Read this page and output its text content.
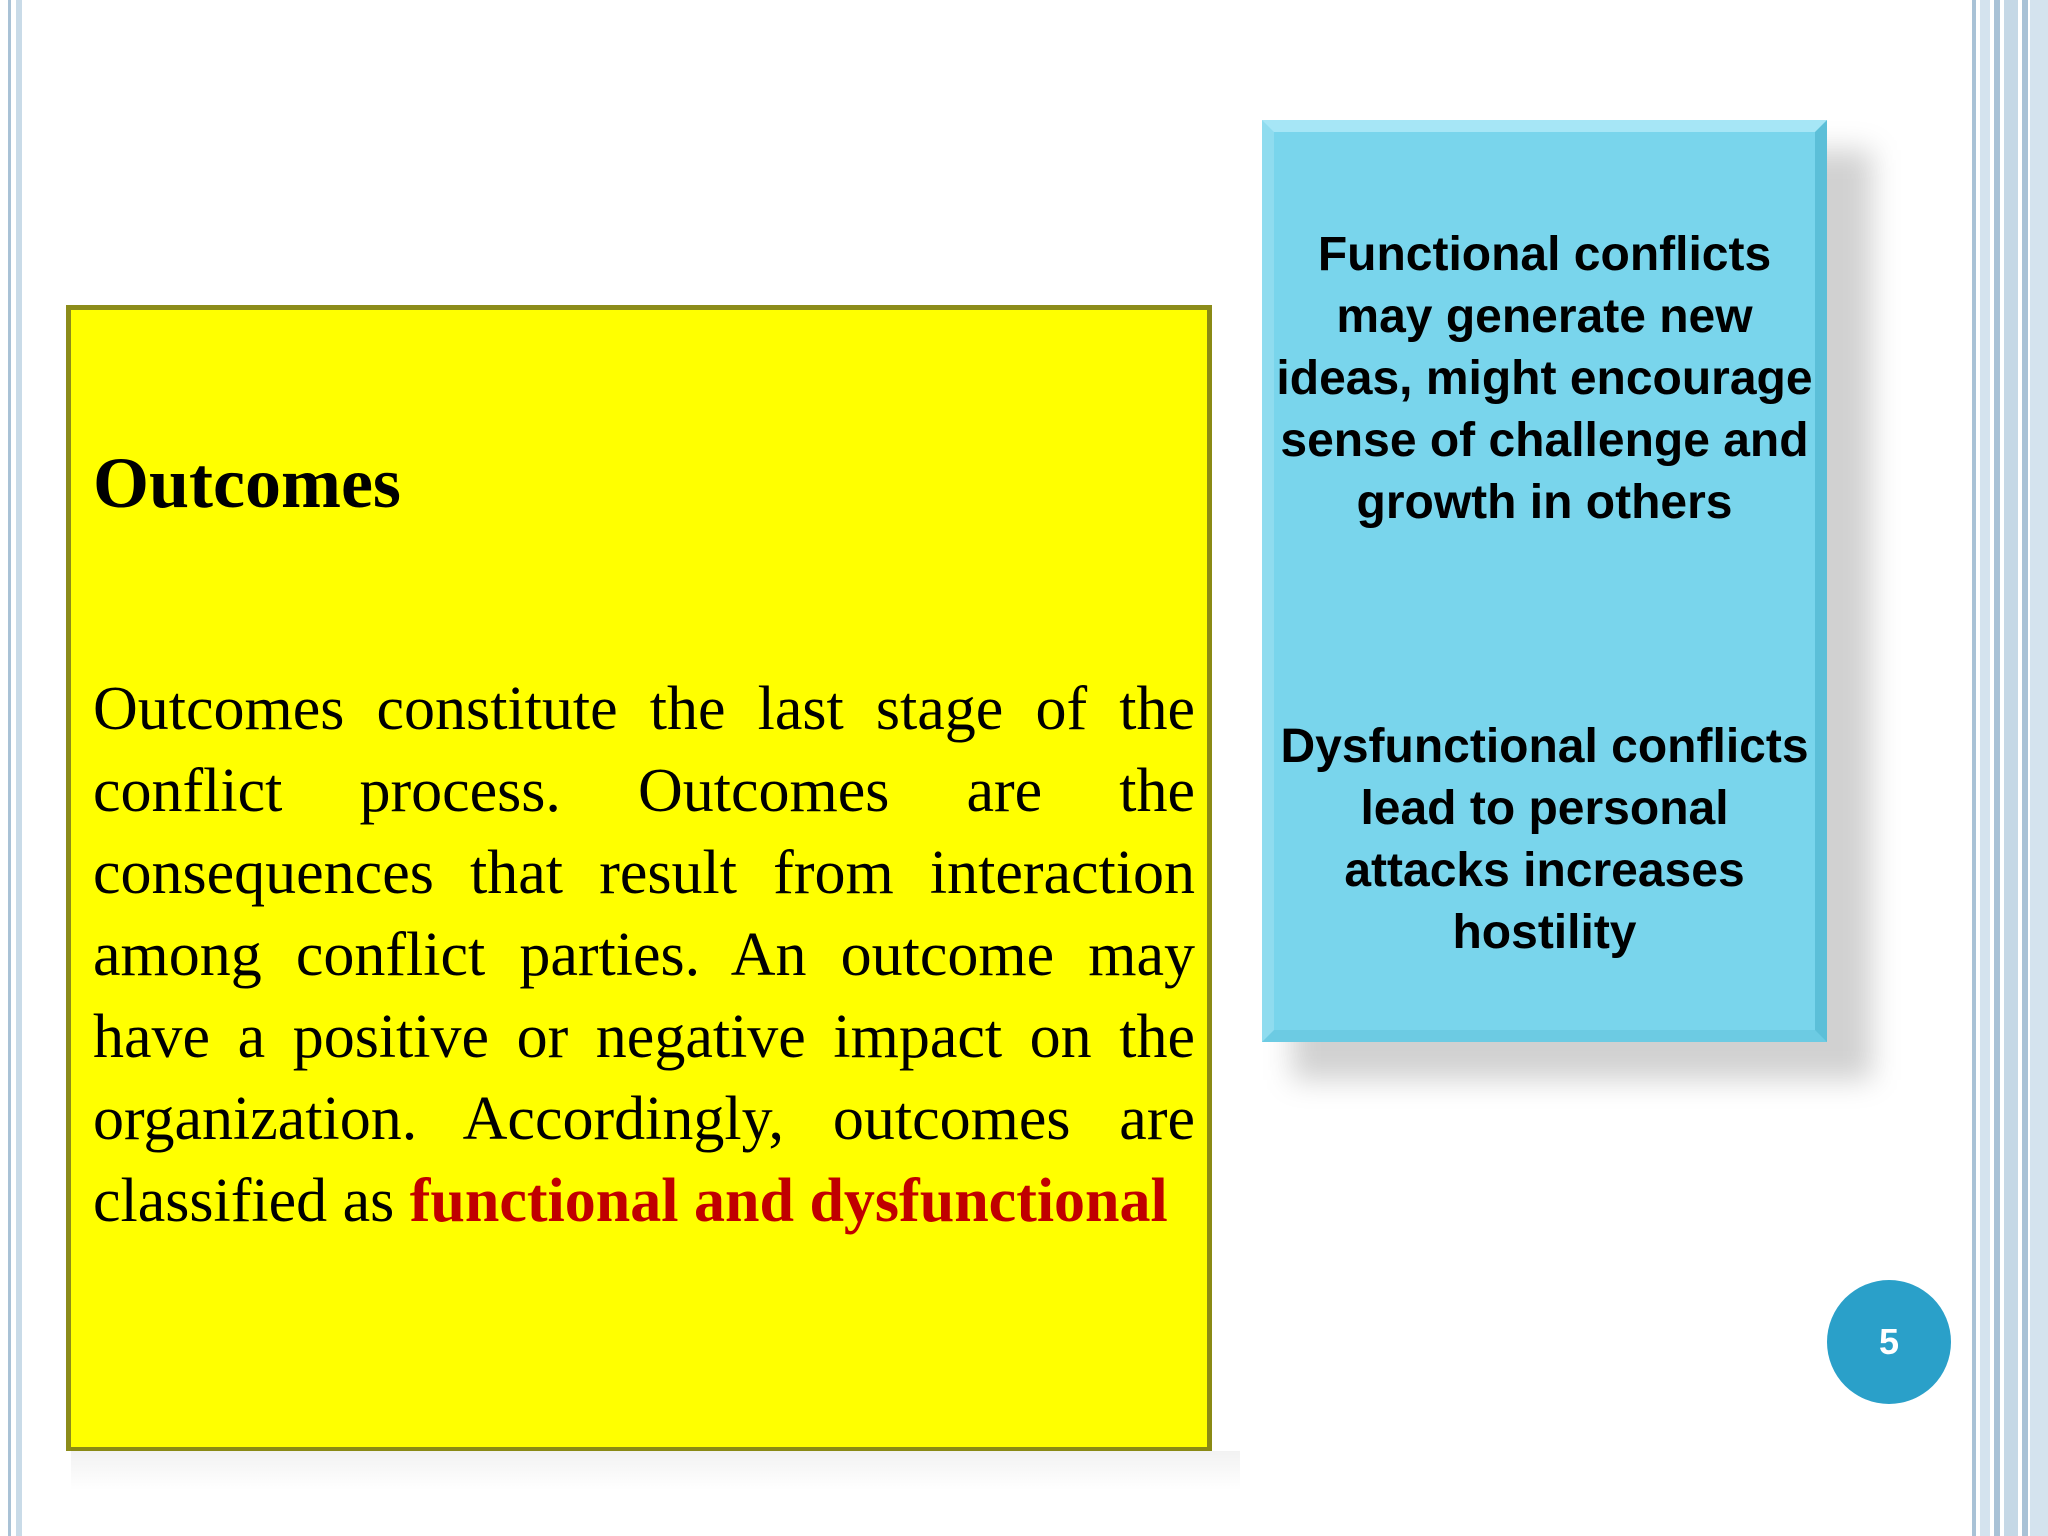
Outcomes

Outcomes constitute the last stage of the conflict process. Outcomes are the consequences that result from interaction among conflict parties. An outcome may have a positive or negative impact on the organization. Accordingly, outcomes are classified as functional and dysfunctional

Functional conflicts may generate new ideas, might encourage sense of challenge and growth in others

Dysfunctional conflicts lead to personal attacks increases hostility

5
